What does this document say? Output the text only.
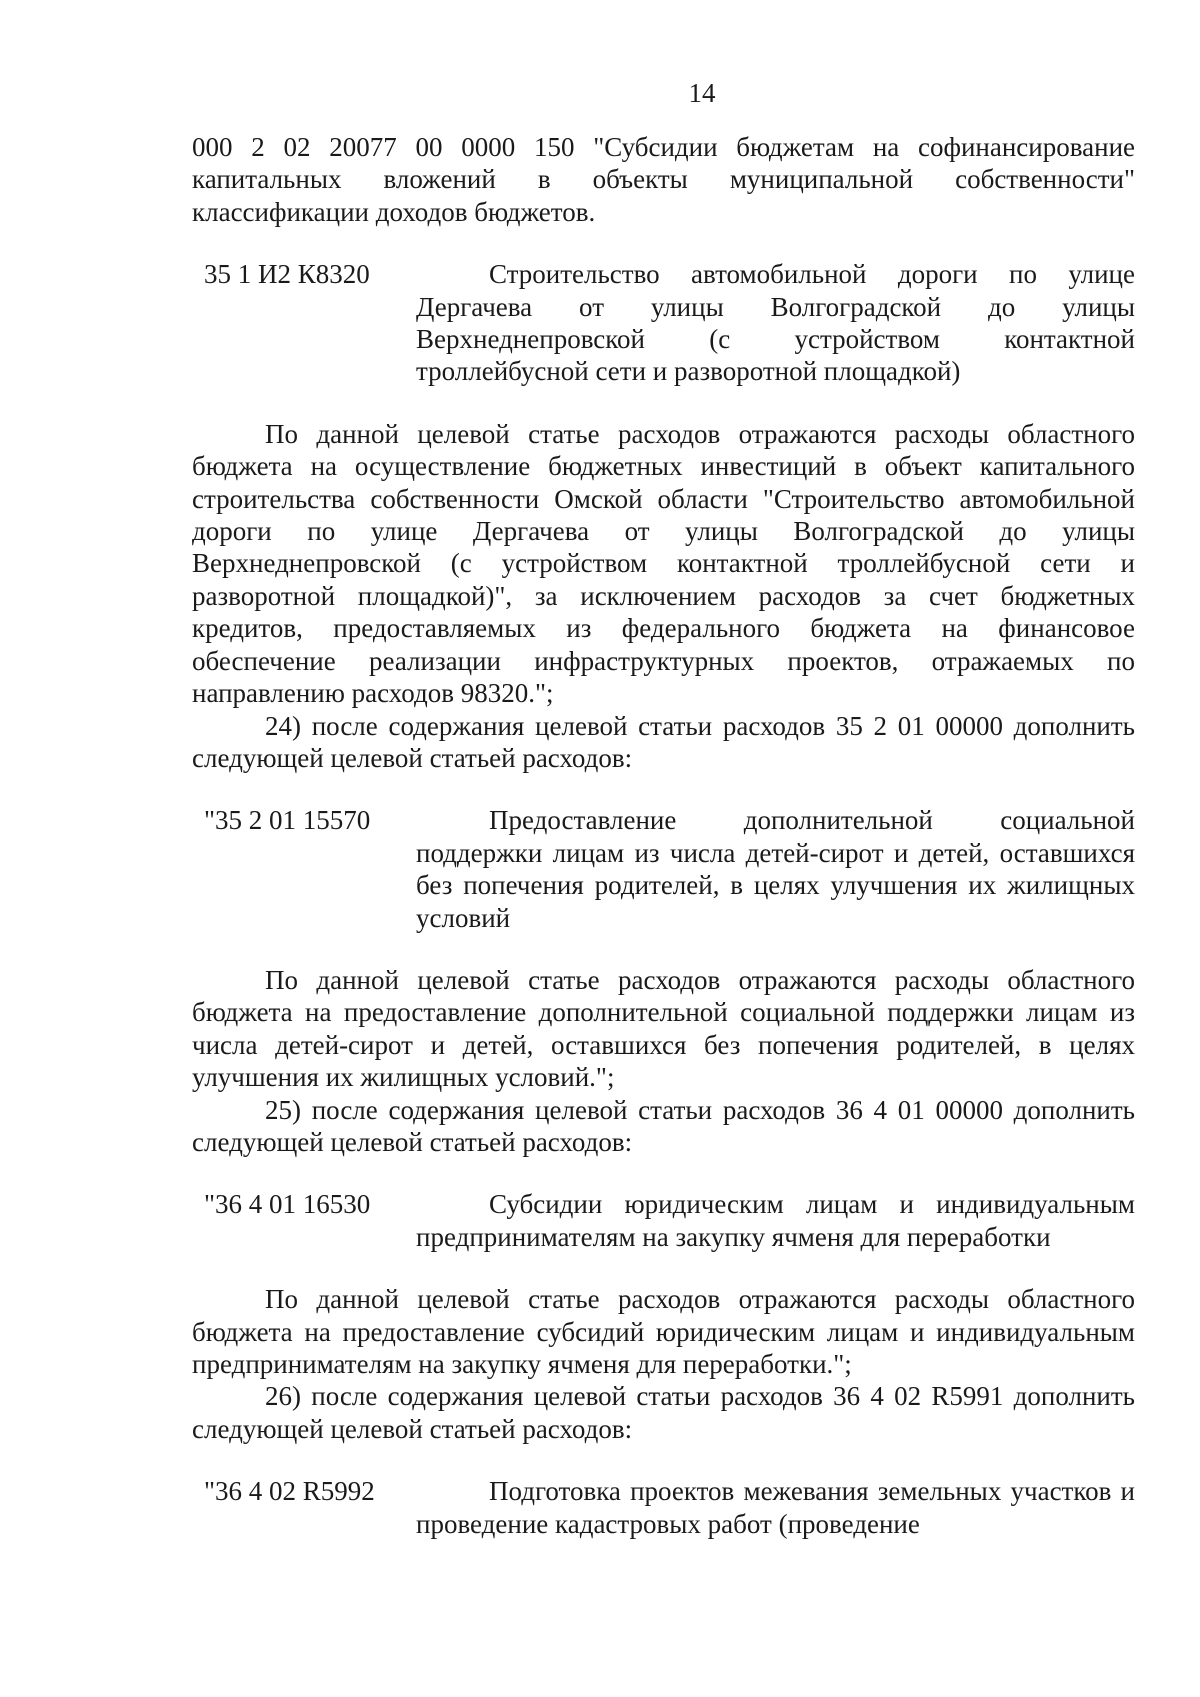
14

000 2 02 20077 00 0000 150 "Субсидии бюджетам на софинансирование капитальных вложений в объекты муниципальной собственности" классификации доходов бюджетов.

35 1 И2 К8320	Строительство автомобильной дороги по улице Дергачева от улицы Волгоградской до улицы Верхнеднепровской (с устройством контактной троллейбусной сети и разворотной площадкой)

По данной целевой статье расходов отражаются расходы областного бюджета на осуществление бюджетных инвестиций в объект капитального строительства собственности Омской области "Строительство автомобильной дороги по улице Дергачева от улицы Волгоградской до улицы Верхнеднепровской (с устройством контактной троллейбусной сети и разворотной площадкой)", за исключением расходов за счет бюджетных кредитов, предоставляемых из федерального бюджета на финансовое обеспечение реализации инфраструктурных проектов, отражаемых по направлению расходов 98320.";

24) после содержания целевой статьи расходов 35 2 01 00000 дополнить следующей целевой статьей расходов:

"35 2 01 15570	Предоставление дополнительной социальной поддержки лицам из числа детей-сирот и детей, оставшихся без попечения родителей, в целях улучшения их жилищных условий

По данной целевой статье расходов отражаются расходы областного бюджета на предоставление дополнительной социальной поддержки лицам из числа детей-сирот и детей, оставшихся без попечения родителей, в целях улучшения их жилищных условий.";

25) после содержания целевой статьи расходов 36 4 01 00000 дополнить следующей целевой статьей расходов:

"36 4 01 16530	Субсидии юридическим лицам и индивидуальным предпринимателям на закупку ячменя для переработки

По данной целевой статье расходов отражаются расходы областного бюджета на предоставление субсидий юридическим лицам и индивидуальным предпринимателям на закупку ячменя для переработки.";

26) после содержания целевой статьи расходов 36 4 02 R5991 дополнить следующей целевой статьей расходов:

"36 4 02 R5992	Подготовка проектов межевания земельных участков и проведение кадастровых работ (проведение
